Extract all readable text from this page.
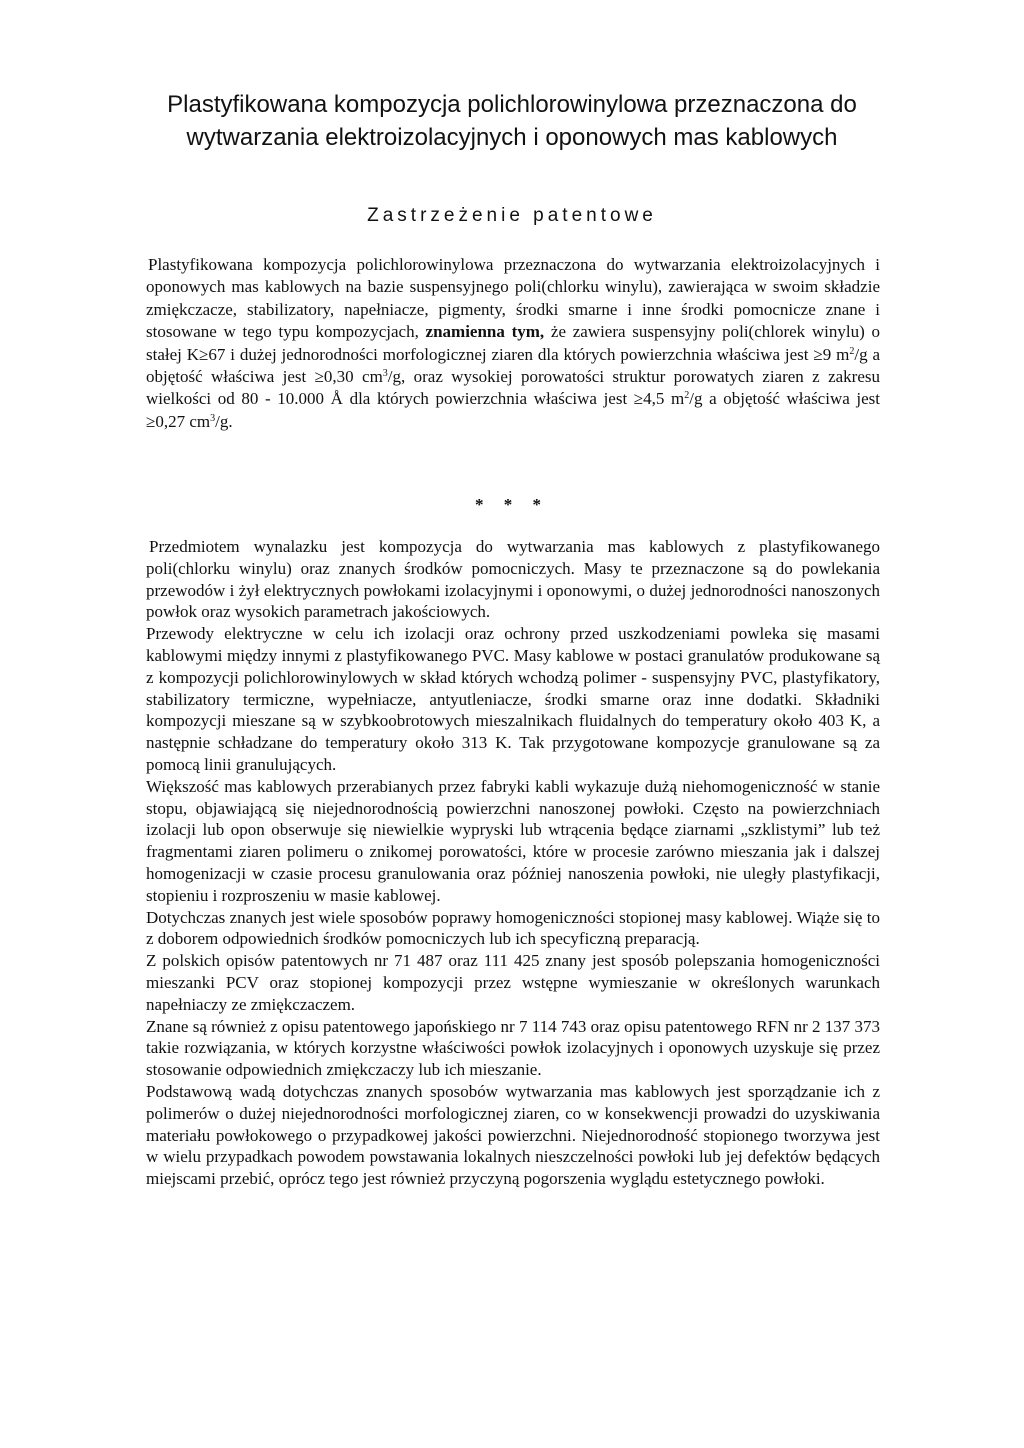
Plastyfikowana kompozycja polichlorowinylowa przeznaczona do wytwarzania elektroizolacyjnych i oponowych mas kablowych
Zastrzeżenie patentowe

Plastyfikowana kompozycja polichlorowinylowa przeznaczona do wytwarzania elektroizolacyjnych i oponowych mas kablowych na bazie suspensyjnego poli(chlorku winylu), zawierająca w swoim składzie zmiękczacze, stabilizatory, napełniacze, pigmenty, środki smarne i inne środki pomocnicze znane i stosowane w tego typu kompozycjach, znamienna tym, że zawiera suspensyjny poli(chlorek winylu) o stałej K≥67 i dużej jednorodności morfologicznej ziaren dla których powierzchnia właściwa jest ≥9 $m^2/g$ a objętość właściwa jest ≥0,30 $cm^3/g$, oraz wysokiej porowatości struktur porowatych ziaren z zakresu wielkości od 80 - 10.000 Å dla których powierzchnia właściwa jest ≥4,5 $m^2/g$ a objętość właściwa jest ≥0,27 $cm^3/g$.

* * *

Przedmiotem wynalazku jest kompozycja do wytwarzania mas kablowych z plastyfikowanego poli(chlorku winylu) oraz znanych środków pomocniczych. Masy te przeznaczone są do powlekania przewodów i żył elektrycznych powłokami izolacyjnymi i oponowymi, o dużej jednorodności nanoszonych powłok oraz wysokich parametrach jakościowych.

Przewody elektryczne w celu ich izolacji oraz ochrony przed uszkodzeniami powleka się masami kablowymi między innymi z plastyfikowanego PVC. Masy kablowe w postaci granulatów produkowane są z kompozycji polichlorowinylowych w skład których wchodzą polimer - suspensyjny PVC, plastyfikatory, stabilizatory termiczne, wypełniacze, antyutleniacze, środki smarne oraz inne dodatki. Składniki kompozycji mieszane są w szybkoobrotowych mieszalnikach fluidalnych do temperatury około 403 K, a następnie schładzane do temperatury około 313 K. Tak przygotowane kompozycje granulowane są za pomocą linii granulujących.

Większość mas kablowych przerabianych przez fabryki kabli wykazuje dużą niehomogeniczność w stanie stopu, objawiającą się niejednorodnością powierzchni nanoszonej powłoki. Często na powierzchniach izolacji lub opon obserwuje się niewielkie wypryski lub wtrącenia będące ziarnami „szklistymi” lub też fragmentami ziaren polimeru o znikomej porowatości, które w procesie zarówno mieszania jak i dalszej homogenizacji w czasie procesu granulowania oraz później nanoszenia powłoki, nie uległy plastyfikacji, stopieniu i rozproszeniu w masie kablowej.

Dotychczas znanych jest wiele sposobów poprawy homogeniczności stopionej masy kablowej. Wiąże się to z doborem odpowiednich środków pomocniczych lub ich specyficzną preparacją.

Z polskich opisów patentowych nr 71 487 oraz 111 425 znany jest sposób polepszania homogeniczności mieszanki PCV oraz stopionej kompozycji przez wstępne wymieszanie w określonych warunkach napełniaczy ze zmiękczaczem.

Znane są również z opisu patentowego japońskiego nr 7 114 743 oraz opisu patentowego RFN nr 2 137 373 takie rozwiązania, w których korzystne właściwości powłok izolacyjnych i oponowych uzyskuje się przez stosowanie odpowiednich zmiękczaczy lub ich mieszanie.

Podstawową wadą dotychczas znanych sposobów wytwarzania mas kablowych jest sporządzanie ich z polimerów o dużej niejednorodności morfologicznej ziaren, co w konsekwencji prowadzi do uzyskiwania materiału powłokowego o przypadkowej jakości powierzchni. Niejednorodność stopionego tworzywa jest w wielu przypadkach powodem powstawania lokalnych nieszczelności powłoki lub jej defektów będących miejscami przebić, oprócz tego jest również przyczyną pogorszenia wyglądu estetycznego powłoki.
